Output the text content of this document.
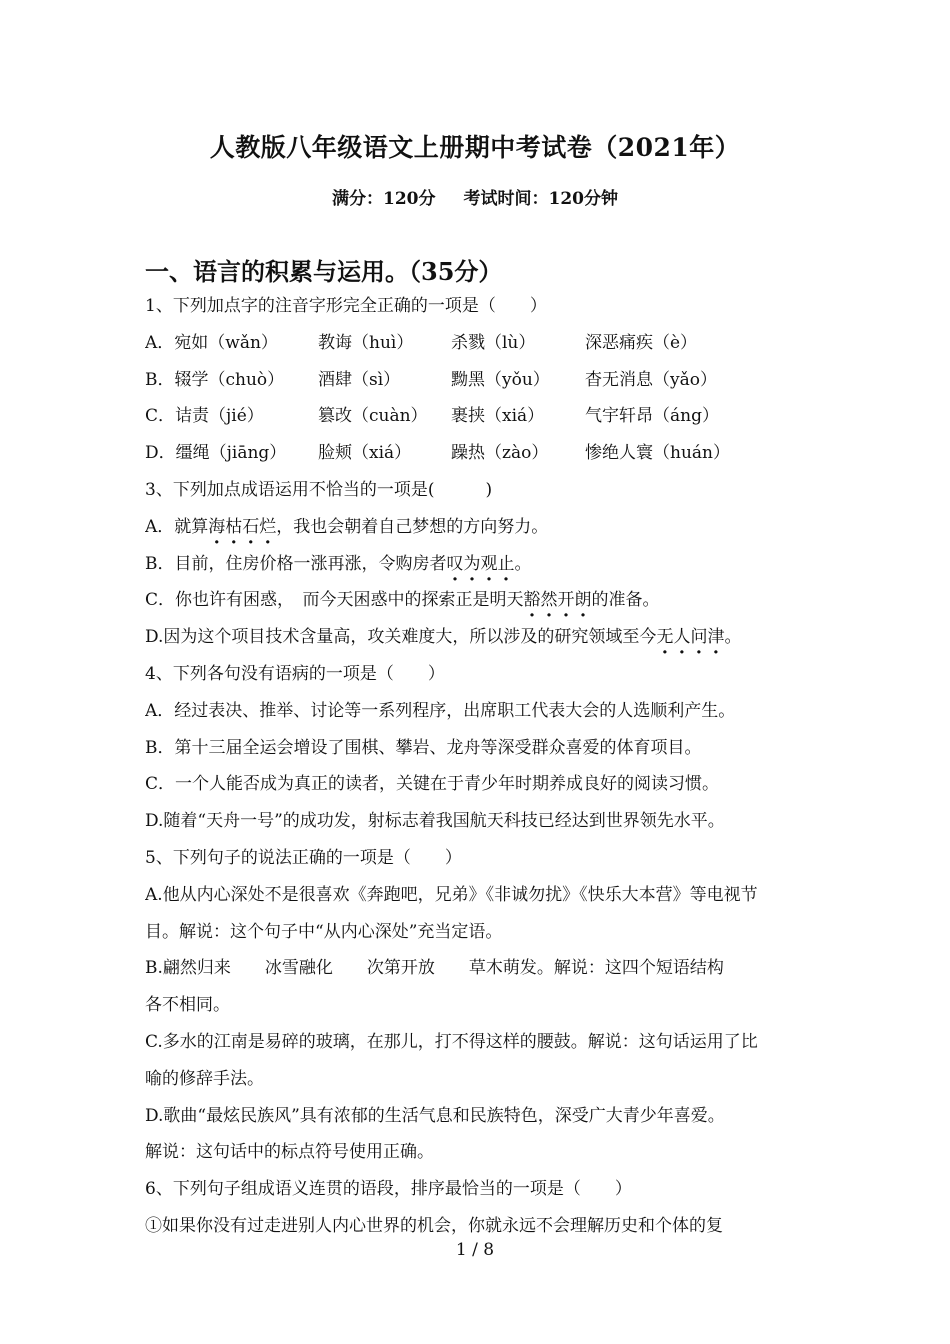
人教版八年级语文上册期中考试卷（2021年）
满分：120分 考试时间：120分钟
一、语言的积累与运用。（35分）
1、下列加点字的注音字形完全正确的一项是（　　）
A．宛如（wǎn）	教诲（huì）	杀戮（lù）	深恶痛疾（è）
B．辍学（chuò）	酒肆（sì）	黝黑（yǒu）	杳无消息（yǎo）
C．诘责（jié）	篡改（cuàn）	裹挟（xiá）	气宇轩昂（áng）
D．缰绳（jiāng）	脸颊（xiá）	躁热（zào）	惨绝人寰（huán）
3、下列加点成语运用不恰当的一项是(　　　)
A．就算海枯石烂，我也会朝着自己梦想的方向努力。
B．目前，住房价格一涨再涨，令购房者叹为观止。
C．你也许有困惑，　而今天困惑中的探索正是明天豁然开朗的准备。
D.因为这个项目技术含量高，攻关难度大，所以涉及的研究领域至今无人问津。
4、下列各句没有语病的一项是（　　）
A．经过表决、推举、讨论等一系列程序，出席职工代表大会的人选顺利产生。
B．第十三届全运会增设了围棋、攀岩、龙舟等深受群众喜爱的体育项目。
C．一个人能否成为真正的读者，关键在于青少年时期养成良好的阅读习惯。
D.随着“天舟一号”的成功发，射标志着我国航天科技已经达到世界领先水平。
5、下列句子的说法正确的一项是（　　）
A.他从内心深处不是很喜欢《奔跑吧，兄弟》《非诚勿扰》《快乐大本营》等电视节
目。解说：这个句子中“从内心深处”充当定语。
B.翩然归来　　冰雪融化　　次第开放　　草木萌发。解说：这四个短语结构
各不相同。
C.多水的江南是易碎的玻璃，在那儿，打不得这样的腰鼓。解说：这句话运用了比
喻的修辞手法。
D.歌曲“最炫民族风”具有浓郁的生活气息和民族特色，深受广大青少年喜爱。
解说：这句话中的标点符号使用正确。
6、下列句子组成语义连贯的语段，排序最恰当的一项是（　　）
①如果你没有过走进别人内心世界的机会，你就永远不会理解历史和个体的复
1 / 8
